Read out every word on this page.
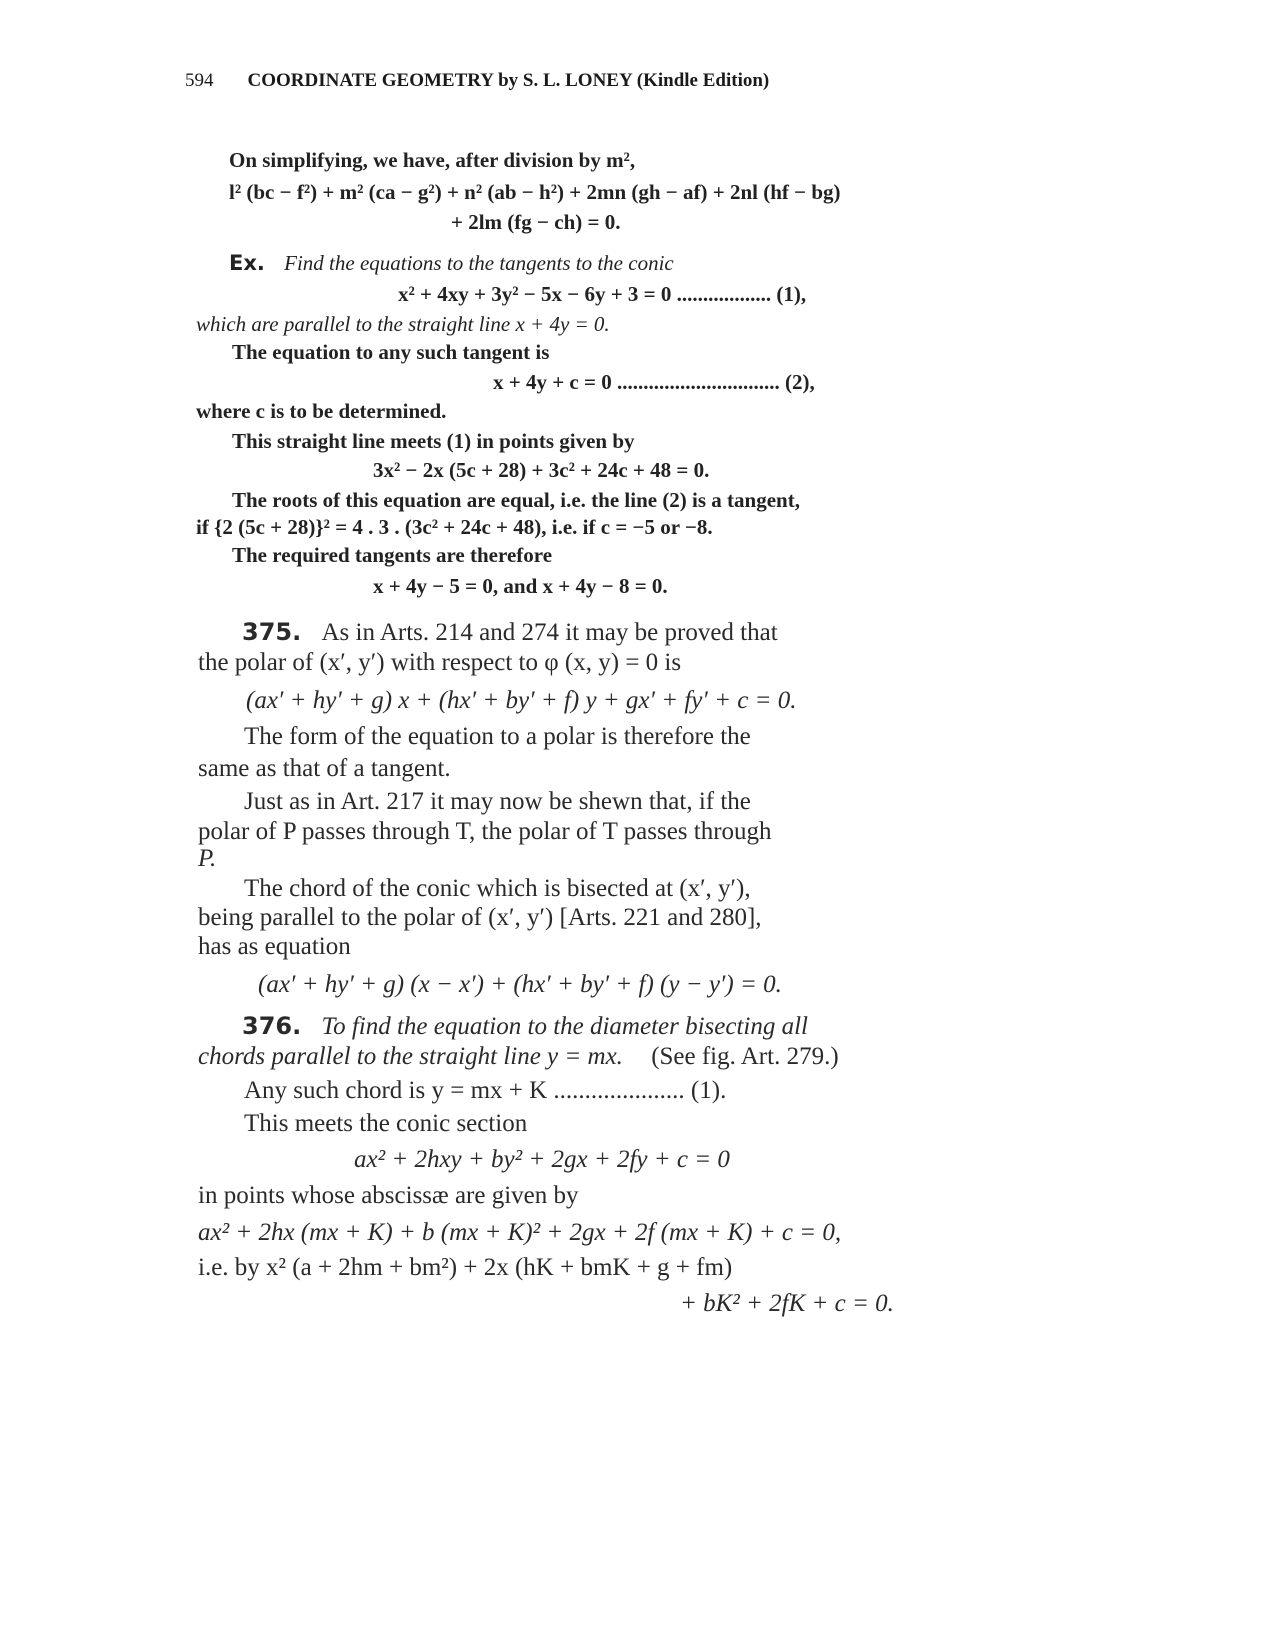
594 COORDINATE GEOMETRY by S. L. LONEY (Kindle Edition)
On simplifying, we have, after division by m²,
l² (bc − f²) + m² (ca − g²) + n² (ab − h²) + 2mn (gh − af) + 2nl (hf − bg)
+ 2lm (fg − ch) = 0.
Ex. Find the equations to the tangents to the conic
x² + 4xy + 3y² − 5x − 6y + 3 = 0 .................. (1),
which are parallel to the straight line x + 4y = 0.
The equation to any such tangent is
x + 4y + c = 0 ............................... (2),
where c is to be determined.
This straight line meets (1) in points given by
3x² − 2x (5c + 28) + 3c² + 24c + 48 = 0.
The roots of this equation are equal, i.e. the line (2) is a tangent,
if {2 (5c + 28)}² = 4 . 3 . (3c² + 24c + 48), i.e. if c = −5 or −8.
The required tangents are therefore
x + 4y − 5 = 0, and x + 4y − 8 = 0.
375. As in Arts. 214 and 274 it may be proved that
the polar of (x′, y′) with respect to φ (x, y) = 0 is
(ax′ + hy′ + g) x + (hx′ + by′ + f) y + gx′ + fy′ + c = 0.
The form of the equation to a polar is therefore the
same as that of a tangent.
Just as in Art. 217 it may now be shewn that, if the
polar of P passes through T, the polar of T passes through
P.
The chord of the conic which is bisected at (x′, y′),
being parallel to the polar of (x′, y′) [Arts. 221 and 280],
has as equation
(ax′ + hy′ + g) (x − x′) + (hx′ + by′ + f) (y − y′) = 0.
376. To find the equation to the diameter bisecting all
chords parallel to the straight line y = mx. (See fig. Art. 279.)
Any such chord is y = mx + K ..................... (1).
This meets the conic section
ax² + 2hxy + by² + 2gx + 2fy + c = 0
in points whose abscissæ are given by
ax² + 2hx (mx + K) + b (mx + K)² + 2gx + 2f (mx + K) + c = 0,
i.e. by x² (a + 2hm + bm²) + 2x (hK + bmK + g + fm)
+ bK² + 2fK + c = 0.
